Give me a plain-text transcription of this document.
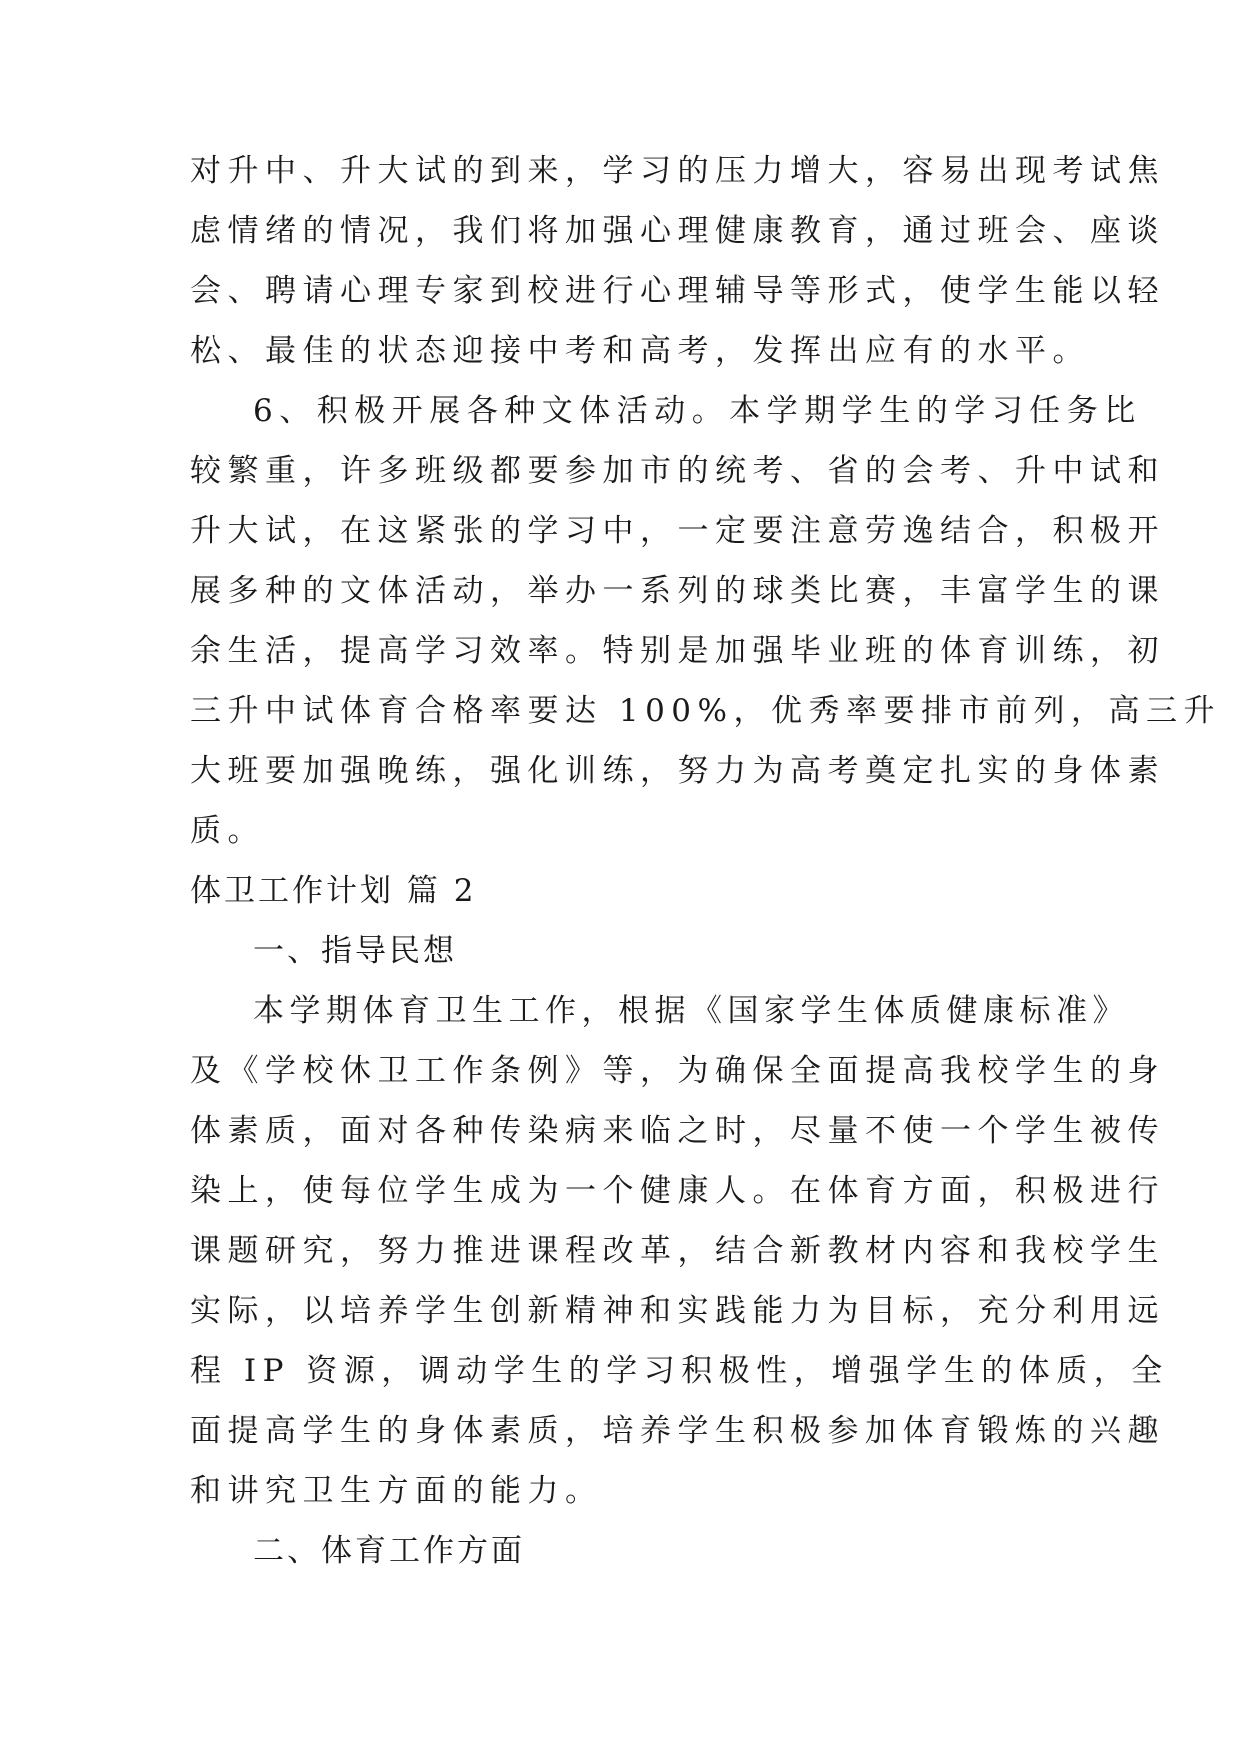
对升中、升大试的到来，学习的压力增大，容易出现考试焦
虑情绪的情况，我们将加强心理健康教育，通过班会、座谈
会、聘请心理专家到校进行心理辅导等形式，使学生能以轻
松、最佳的状态迎接中考和高考，发挥出应有的水平。
6、积极开展各种文体活动。本学期学生的学习任务比
较繁重，许多班级都要参加市的统考、省的会考、升中试和
升大试，在这紧张的学习中，一定要注意劳逸结合，积极开
展多种的文体活动，举办一系列的球类比赛，丰富学生的课
余生活，提高学习效率。特别是加强毕业班的体育训练，初
三升中试体育合格率要达 100%，优秀率要排市前列，高三升
大班要加强晚练，强化训练，努力为高考奠定扎实的身体素
质。
体卫工作计划 篇 2
一、指导民想
本学期体育卫生工作，根据《国家学生体质健康标准》
及《学校休卫工作条例》等，为确保全面提高我校学生的身
体素质，面对各种传染病来临之时，尽量不使一个学生被传
染上，使每位学生成为一个健康人。在体育方面，积极进行
课题研究，努力推进课程改革，结合新教材内容和我校学生
实际，以培养学生创新精神和实践能力为目标，充分利用远
程 IP 资源，调动学生的学习积极性，增强学生的体质，全
面提高学生的身体素质，培养学生积极参加体育锻炼的兴趣
和讲究卫生方面的能力。
二、体育工作方面
